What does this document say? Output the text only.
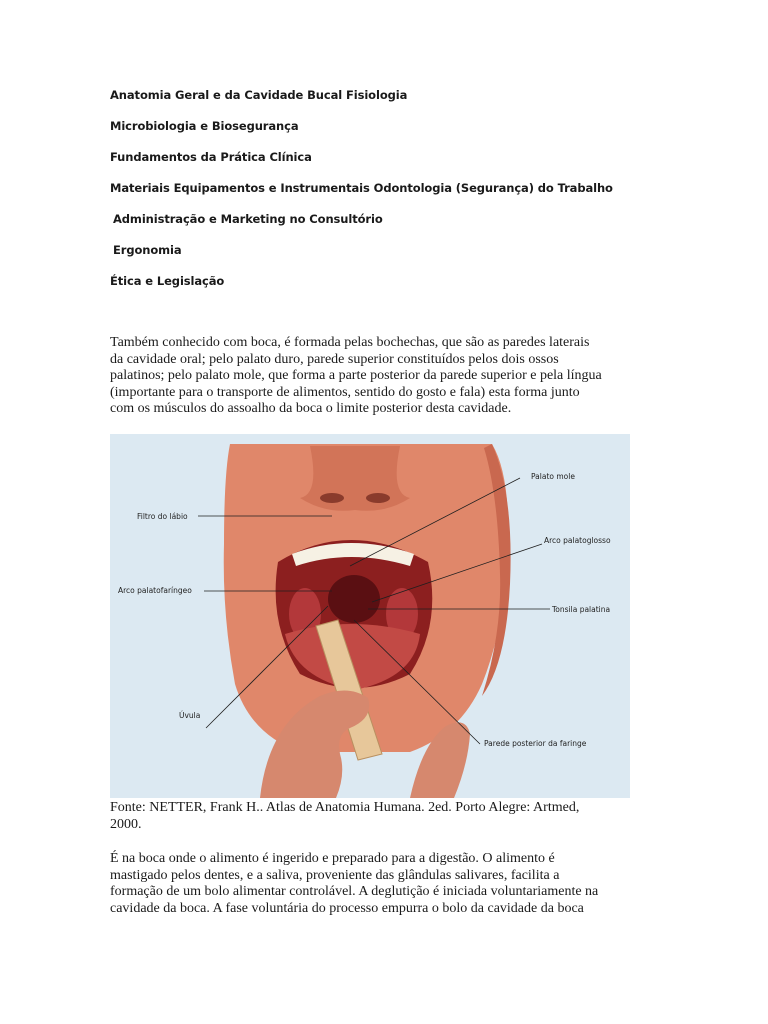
Anatomia Geral e da Cavidade Bucal Fisiologia
Microbiologia e Biosegurança
Fundamentos da Prática Clínica
Materiais Equipamentos e Instrumentais Odontologia (Segurança) do Trabalho
Administração e Marketing no Consultório
Ergonomia
Ética e Legislação
Também conhecido com boca, é formada pelas bochechas, que são as paredes laterais
da cavidade oral; pelo palato duro, parede superior constituídos pelos dois ossos
palatinos; pelo palato mole, que forma a parte posterior da parede superior e pela língua
(importante para o transporte de alimentos, sentido do gosto e fala) esta forma junto
com os músculos do assoalho da boca o limite posterior desta cavidade.
Palato mole
Filtro do lábio
Arco palatoglosso
Arco palatofaríngeo
Tonsila palatina
Úvula
Parede posterior da faringe
Fonte: NETTER, Frank H.. Atlas de Anatomia Humana. 2ed. Porto Alegre: Artmed,
2000.
É na boca onde o alimento é ingerido e preparado para a digestão. O alimento é
mastigado pelos dentes, e a saliva, proveniente das glândulas salivares, facilita a
formação de um bolo alimentar controlável. A deglutição é iniciada voluntariamente na
cavidade da boca. A fase voluntária do processo empurra o bolo da cavidade da boca
